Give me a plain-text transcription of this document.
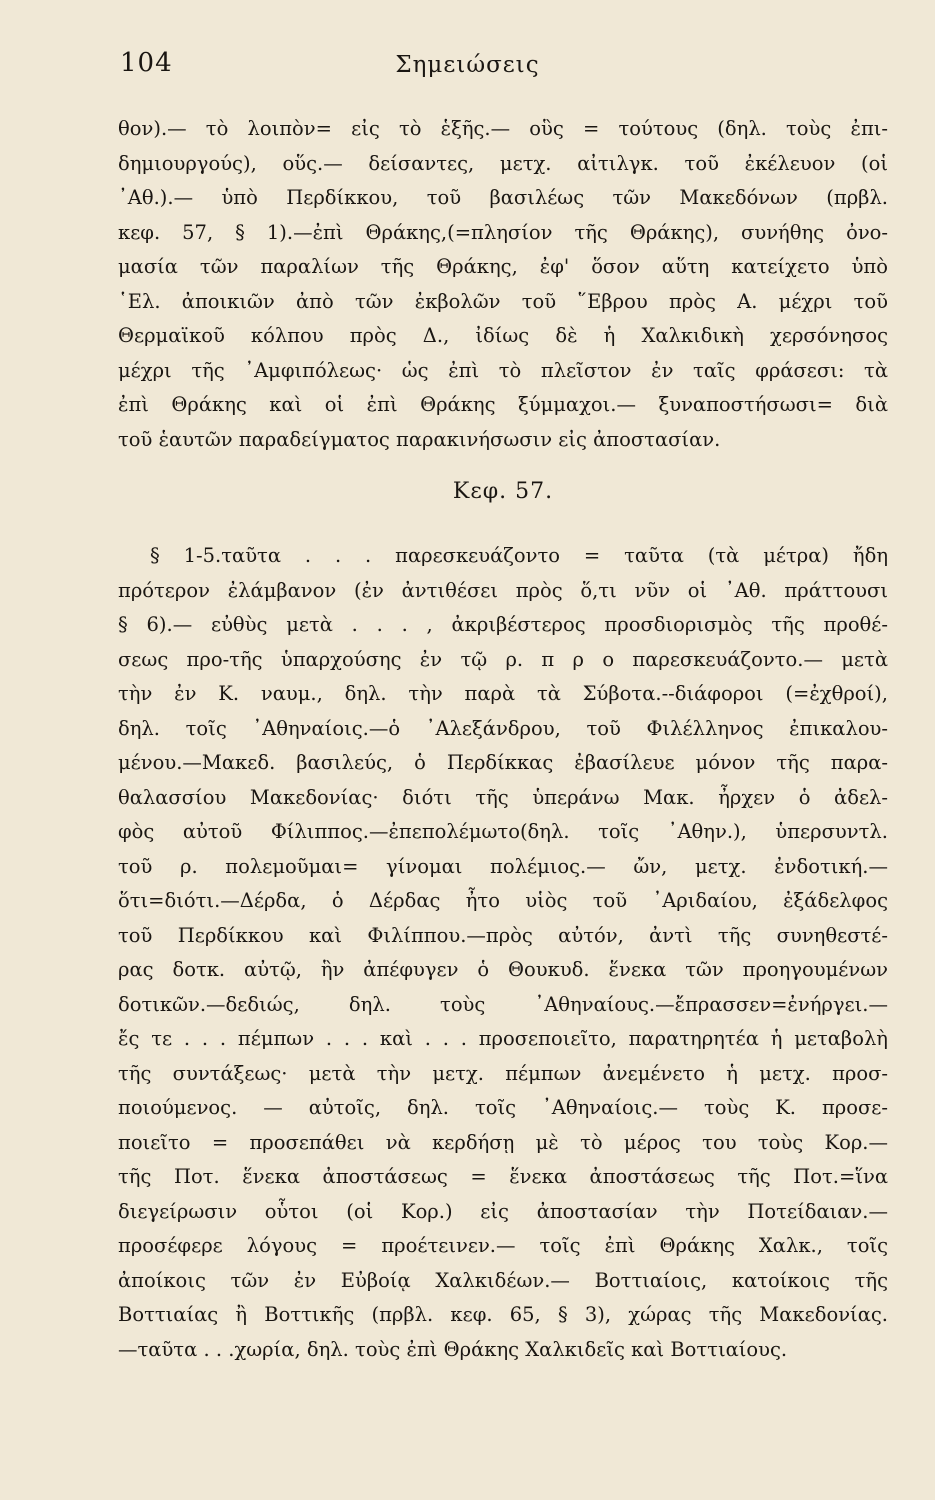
104	Σημειώσεις
θον).— τὸ λοιπὸν= εἰς τὸ ἑξῆς.— οὓς = τούτους (δηλ. τοὺς ἐπι-
δημιουργούς), οὕς.— δείσαντες, μετχ. αἰτιλγκ. τοῦ ἐκέλευον (οἱ
᾿Αθ.).— ὑπὸ Περδίκκου, τοῦ βασιλέως τῶν Μακεδόνων (πρβλ.
κεφ. 57, § 1).—ἐπὶ Θράκης,(=πλησίον τῆς Θράκης), συνήθης ὀνο-
μασία τῶν παραλίων τῆς Θράκης, ἐφ' ὅσον αὕτη κατείχετο ὑπὸ
῾Ελ. ἀποικιῶν ἀπὸ τῶν ἐκβολῶν τοῦ ῞Εβρου πρὸς Α. μέχρι τοῦ
Θερμαϊκοῦ κόλπου πρὸς Δ., ἰδίως δὲ ἡ Χαλκιδικὴ χερσόνησος
μέχρι τῆς ᾿Αμφιπόλεως· ὡς ἐπὶ τὸ πλεῖστον ἐν ταῖς φράσεσι: τὰ
ἐπὶ Θράκης καὶ οἱ ἐπὶ Θράκης ξύμμαχοι.— ξυναποστήσωσι= διὰ
τοῦ ἑαυτῶν παραδείγματος παρακινήσωσιν εἰς ἀποστασίαν.
Κεφ. 57.
§ 1-5.ταῦτα . . . παρεσκευάζοντο = ταῦτα (τὰ μέτρα) ἤδη
πρότερον ἐλάμβανον (ἐν ἀντιθέσει πρὸς ὅ,τι νῦν οἱ ᾿Αθ. πράττουσι
§ 6).— εὐθὺς μετὰ . . . , ἀκριβέστερος προσδιορισμὸς τῆς προθέ-
σεως προ-τῆς ὑπαρχούσης ἐν τῷ ρ. π ρ ο παρεσκευάζοντο.— μετὰ
τὴν ἐν Κ. ναυμ., δηλ. τὴν παρὰ τὰ Σύβοτα.--διάφοροι (=ἐχθροί),
δηλ. τοῖς ᾿Αθηναίοις.—ὁ ᾿Αλεξάνδρου, τοῦ Φιλέλληνος ἐπικαλου-
μένου.—Μακεδ. βασιλεύς, ὁ Περδίκκας ἐβασίλευε μόνον τῆς παρα-
θαλασσίου Μακεδονίας· διότι τῆς ὑπεράνω Μακ. ἦρχεν ὁ ἀδελ-
φὸς αὐτοῦ Φίλιππος.—ἐπεπολέμωτο(δηλ. τοῖς ᾿Αθην.), ὑπερσυντλ.
τοῦ ρ. πολεμοῦμαι= γίνομαι πολέμιος.— ὤν, μετχ. ἐνδοτική.—
ὅτι=διότι.—Δέρδα, ὁ Δέρδας ἦτο υἱὸς τοῦ ᾿Αριδαίου, ἐξάδελφος
τοῦ Περδίκκου καὶ Φιλίππου.—πρὸς αὐτόν, ἀντὶ τῆς συνηθεστέ-
ρας δοτκ. αὐτῷ, ἣν ἀπέφυγεν ὁ Θουκυδ. ἕνεκα τῶν προηγουμένων
δοτικῶν.—δεδιώς, δηλ. τοὺς ᾿Αθηναίους.—ἔπρασσεν=ἐνήργει.—
ἔς τε . . . πέμπων . . . καὶ . . . προσεποιεῖτο, παρατηρητέα ἡ μεταβολὴ
τῆς συντάξεως· μετὰ τὴν μετχ. πέμπων ἀνεμένετο ἡ μετχ. προσ-
ποιούμενος. — αὐτοῖς, δηλ. τοῖς ᾿Αθηναίοις.— τοὺς Κ. προσε-
ποιεῖτο = προσεπάθει νὰ κερδήσῃ μὲ τὸ μέρος του τοὺς Κορ.—
τῆς Ποτ. ἕνεκα ἀποστάσεως = ἕνεκα ἀποστάσεως τῆς Ποτ.=ἵνα
διεγείρωσιν οὗτοι (οἱ Κορ.) εἰς ἀποστασίαν τὴν Ποτείδαιαν.—
προσέφερε λόγους = προέτεινεν.— τοῖς ἐπὶ Θράκης Χαλκ., τοῖς
ἀποίκοις τῶν ἐν Εὐβοίᾳ Χαλκιδέων.— Βοττιαίοις, κατοίκοις τῆς
Βοττιαίας ἢ Βοττικῆς (πρβλ. κεφ. 65, § 3), χώρας τῆς Μακεδονίας.
—ταῦτα . . .χωρία, δηλ. τοὺς ἐπὶ Θράκης Χαλκιδεῖς καὶ Βοττιαίους.
